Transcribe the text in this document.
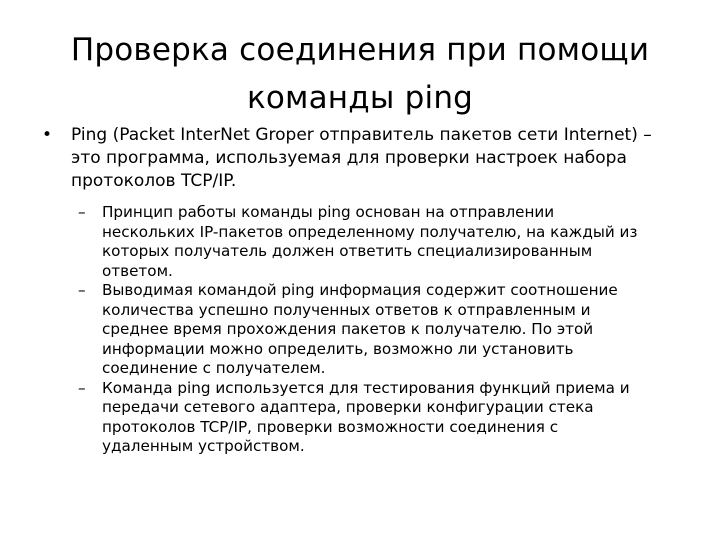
Проверка соединения при помощи
команды ping
• Ping (Packet InterNet Groper отправитель пакетов сети Internet) –
это программа, используемая для проверки настроек набора
протоколов TCP/IP.
– Принцип работы команды ping основан на отправлении
нескольких IP-пакетов определенному получателю, на каждый из
которых получатель должен ответить специализированным
ответом.
– Выводимая командой ping информация содержит соотношение
количества успешно полученных ответов к отправленным и
среднее время прохождения пакетов к получателю. По этой
информации можно определить, возможно ли установить
соединение с получателем.
– Команда ping используется для тестирования функций приема и
передачи сетевого адаптера, проверки конфигурации стека
протоколов TCP/IP, проверки возможности соединения с
удаленным устройством.
